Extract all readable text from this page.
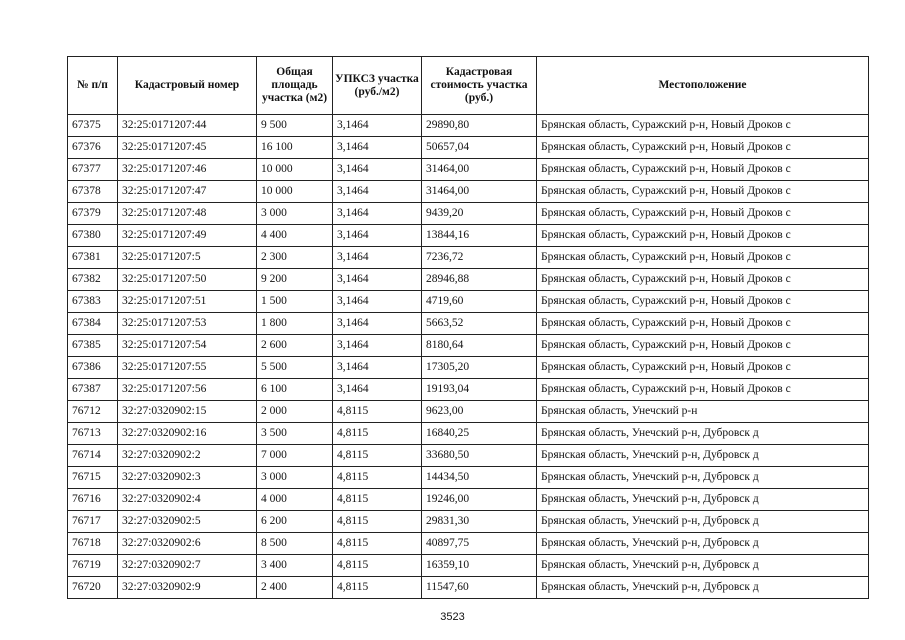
№ п/п	Кадастровый номер	Общая площадь участка (м2)	УПКСЗ участка (руб./м2)	Кадастровая стоимость участка (руб.)	Местоположение
67375	32:25:0171207:44	9 500	3,1464	29890,80	Брянская область, Суражский р-н, Новый Дроков с
67376	32:25:0171207:45	16 100	3,1464	50657,04	Брянская область, Суражский р-н, Новый Дроков с
67377	32:25:0171207:46	10 000	3,1464	31464,00	Брянская область, Суражский р-н, Новый Дроков с
67378	32:25:0171207:47	10 000	3,1464	31464,00	Брянская область, Суражский р-н, Новый Дроков с
67379	32:25:0171207:48	3 000	3,1464	9439,20	Брянская область, Суражский р-н, Новый Дроков с
67380	32:25:0171207:49	4 400	3,1464	13844,16	Брянская область, Суражский р-н, Новый Дроков с
67381	32:25:0171207:5	2 300	3,1464	7236,72	Брянская область, Суражский р-н, Новый Дроков с
67382	32:25:0171207:50	9 200	3,1464	28946,88	Брянская область, Суражский р-н, Новый Дроков с
67383	32:25:0171207:51	1 500	3,1464	4719,60	Брянская область, Суражский р-н, Новый Дроков с
67384	32:25:0171207:53	1 800	3,1464	5663,52	Брянская область, Суражский р-н, Новый Дроков с
67385	32:25:0171207:54	2 600	3,1464	8180,64	Брянская область, Суражский р-н, Новый Дроков с
67386	32:25:0171207:55	5 500	3,1464	17305,20	Брянская область, Суражский р-н, Новый Дроков с
67387	32:25:0171207:56	6 100	3,1464	19193,04	Брянская область, Суражский р-н, Новый Дроков с
76712	32:27:0320902:15	2 000	4,8115	9623,00	Брянская область, Унечский р-н
76713	32:27:0320902:16	3 500	4,8115	16840,25	Брянская область, Унечский р-н, Дубровск д
76714	32:27:0320902:2	7 000	4,8115	33680,50	Брянская область, Унечский р-н, Дубровск д
76715	32:27:0320902:3	3 000	4,8115	14434,50	Брянская область, Унечский р-н, Дубровск д
76716	32:27:0320902:4	4 000	4,8115	19246,00	Брянская область, Унечский р-н, Дубровск д
76717	32:27:0320902:5	6 200	4,8115	29831,30	Брянская область, Унечский р-н, Дубровск д
76718	32:27:0320902:6	8 500	4,8115	40897,75	Брянская область, Унечский р-н, Дубровск д
76719	32:27:0320902:7	3 400	4,8115	16359,10	Брянская область, Унечский р-н, Дубровск д
76720	32:27:0320902:9	2 400	4,8115	11547,60	Брянская область, Унечский р-н, Дубровск д
3523
